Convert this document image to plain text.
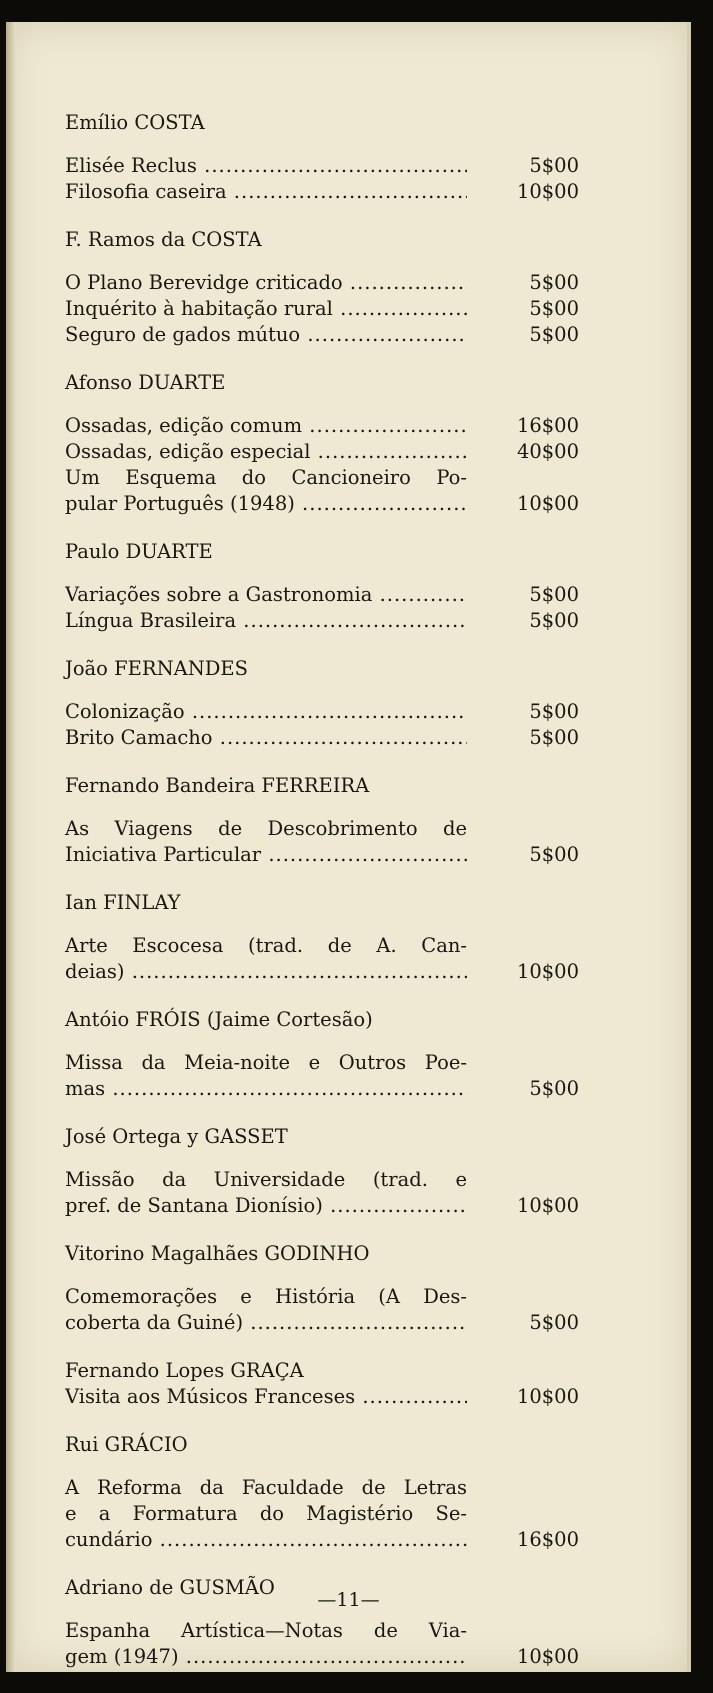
Emílio COSTA
Elisée Reclus .....	5$00
Filosofia caseira .....	10$00
F. Ramos da COSTA
O Plano Berevidge criticado .....	5$00
Inquérito à habitação rural .....	5$00
Seguro de gados mútuo .....	5$00
Afonso DUARTE
Ossadas, edição comum .....	16$00
Ossadas, edição especial .....	40$00
Um Esquema do Cancioneiro Po-
pular Português (1948) .....	10$00
Paulo DUARTE
Variações sobre a Gastronomia .....	5$00
Língua Brasileira .....	5$00
João FERNANDES
Colonização .....	5$00
Brito Camacho .....	5$00
Fernando Bandeira FERREIRA
As Viagens de Descobrimento de
Iniciativa Particular .....	5$00
Ian FINLAY
Arte Escocesa (trad. de A. Can-
deias) .....	10$00
Antóio FRÓIS (Jaime Cortesão)
Missa da Meia-noite e Outros Poe-
mas .....	5$00
José Ortega y GASSET
Missão da Universidade (trad. e
pref. de Santana Dionísio) .....	10$00
Vitorino Magalhães GODINHO
Comemorações e História (A Des-
coberta da Guiné) .....	5$00
Fernando Lopes GRAÇA
Visita aos Músicos Franceses .....	10$00
Rui GRÁCIO
A Reforma da Faculdade de Letras
e a Formatura do Magistério Se-
cundário .....	16$00
Adriano de GUSMÃO
Espanha Artística—Notas de Via-
gem (1947) .....	10$00
—11—
